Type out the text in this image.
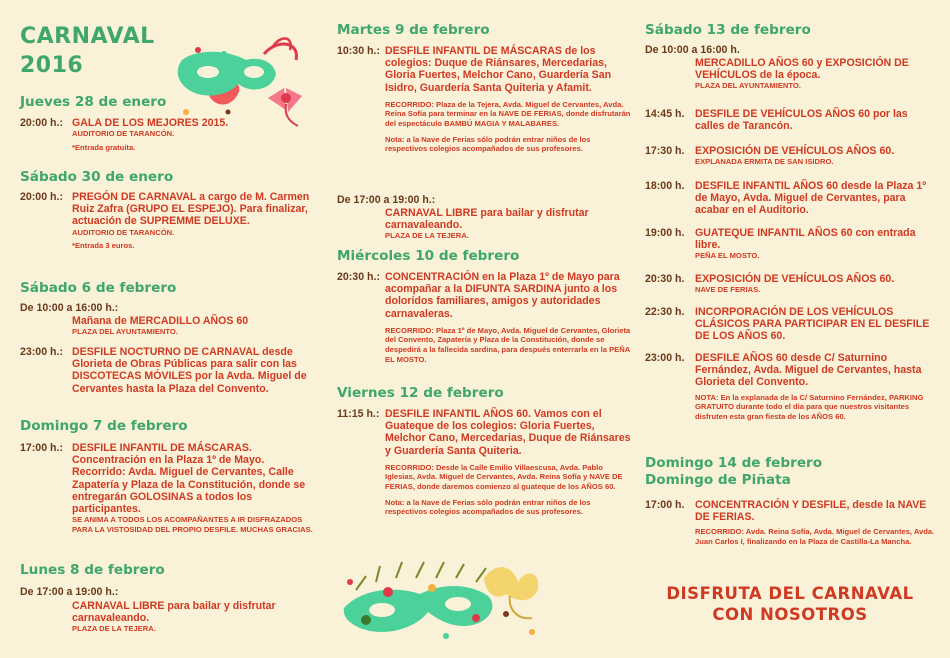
CARNAVAL
2016
Jueves 28 de enero
20:00 h.: GALA DE LOS MEJORES 2015.
AUDITORIO DE TARANCÓN.
*Entrada gratuita.
Sábado 30 de enero
20:00 h.: PREGÓN DE CARNAVAL a cargo de M. Carmen Ruiz Zafra (GRUPO EL ESPEJO). Para finalizar, actuación de SUPREMME DELUXE.
AUDITORIO DE TARANCÓN.
*Entrada 3 euros.
Sábado 6 de febrero
De 10:00 a 16:00 h.:
Mañana de MERCADILLO AÑOS 60
PLAZA DEL AYUNTAMIENTO.
23:00 h.: DESFILE NOCTURNO DE CARNAVAL desde Glorieta de Obras Públicas para salir con las DISCOTECAS MÓVILES por la Avda. Miguel de Cervantes hasta la Plaza del Convento.
Domingo 7 de febrero
17:00 h.: DESFILE INFANTIL DE MÁSCARAS. Concentración en la Plaza 1º de Mayo. Recorrido: Avda. Miguel de Cervantes, Calle Zapatería y Plaza de la Constitución, donde se entregarán GOLOSINAS a todos los participantes.
SE ANIMA A TODOS LOS ACOMPAÑANTES A IR DISFRAZADOS PARA LA VISTOSIDAD DEL PROPIO DESFILE. MUCHAS GRACIAS.
Lunes 8 de febrero
De 17:00 a 19:00 h.:
CARNAVAL LIBRE para bailar y disfrutar carnavaleando.
PLAZA DE LA TEJERA.
Martes 9 de febrero
10:30 h.: DESFILE INFANTIL DE MÁSCARAS de los colegios: Duque de Riánsares, Mercedarias, Gloria Fuertes, Melchor Cano, Guardería San Isidro, Guardería Santa Quiteria y Afamit.
RECORRIDO: Plaza de la Tejera, Avda. Miguel de Cervantes, Avda. Reina Sofía para terminar en la NAVE DE FERIAS, donde disfrutarán del espectáculo BAMBÚ MAGIA Y MALABARES.
Nota: a la Nave de Ferias sólo podrán entrar niños de los respectivos colegios acompañados de sus profesores.
De 17:00 a 19:00 h.:
CARNAVAL LIBRE para bailar y disfrutar carnavaleando.
PLAZA DE LA TEJERA.
Miércoles 10 de febrero
20:30 h.: CONCENTRACIÓN en la Plaza 1º de Mayo para acompañar a la DIFUNTA SARDINA junto a los doloridos familiares, amigos y autoridades carnavaleras.
RECORRIDO: Plaza 1º de Mayo, Avda. Miguel de Cervantes, Glorieta del Convento, Zapatería y Plaza de la Constitución, donde se despedirá a la fallecida sardina, para después enterrarla en la PEÑA EL MOSTO.
Viernes 12 de febrero
11:15 h.: DESFILE INFANTIL AÑOS 60. Vamos con el Guateque de los colegios: Gloria Fuertes, Melchor Cano, Mercedarias, Duque de Riánsares y Guardería Santa Quiteria.
RECORRIDO: Desde la Calle Emilio Villaescusa, Avda. Pablo Iglesias, Avda. Miguel de Cervantes, Avda. Reina Sofía y NAVE DE FERIAS, donde daremos comienzo al guateque de los AÑOS 60.
Nota: a la Nave de Ferias sólo podrán entrar niños de los respectivos colegios acompañados de sus profesores.
Sábado 13 de febrero
De 10:00 a 16:00 h.
MERCADILLO AÑOS 60 y EXPOSICIÓN DE VEHÍCULOS de la época.
PLAZA DEL AYUNTAMIENTO.
14:45 h. DESFILE DE VEHÍCULOS AÑOS 60 por las calles de Tarancón.
17:30 h. EXPOSICIÓN DE VEHÍCULOS AÑOS 60.
EXPLANADA ERMITA DE SAN ISIDRO.
18:00 h. DESFILE INFANTIL AÑOS 60 desde la Plaza 1º de Mayo, Avda. Miguel de Cervantes, para acabar en el Auditorio.
19:00 h. GUATEQUE INFANTIL AÑOS 60 con entrada libre.
PEÑA EL MOSTO.
20:30 h. EXPOSICIÓN DE VEHÍCULOS AÑOS 60.
NAVE DE FERIAS.
22:30 h. INCORPORACIÓN DE LOS VEHÍCULOS CLÁSICOS PARA PARTICIPAR EN EL DESFILE DE LOS AÑOS 60.
23:00 h. DESFILE AÑOS 60 desde C/ Saturnino Fernández, Avda. Miguel de Cervantes, hasta Glorieta del Convento.
NOTA: En la explanada de la C/ Saturnino Fernández, PARKING GRATUITO durante todo el día para que nuestros visitantes disfruten esta gran fiesta de los AÑOS 60.
Domingo 14 de febrero
Domingo de Piñata
17:00 h. CONCENTRACIÓN Y DESFILE, desde la NAVE DE FERIAS.
RECORRIDO: Avda. Reina Sofía, Avda. Miguel de Cervantes, Avda. Juan Carlos I, finalizando en la Plaza de Castilla-La Mancha.
DISFRUTA DEL CARNAVAL
CON NOSOTROS
